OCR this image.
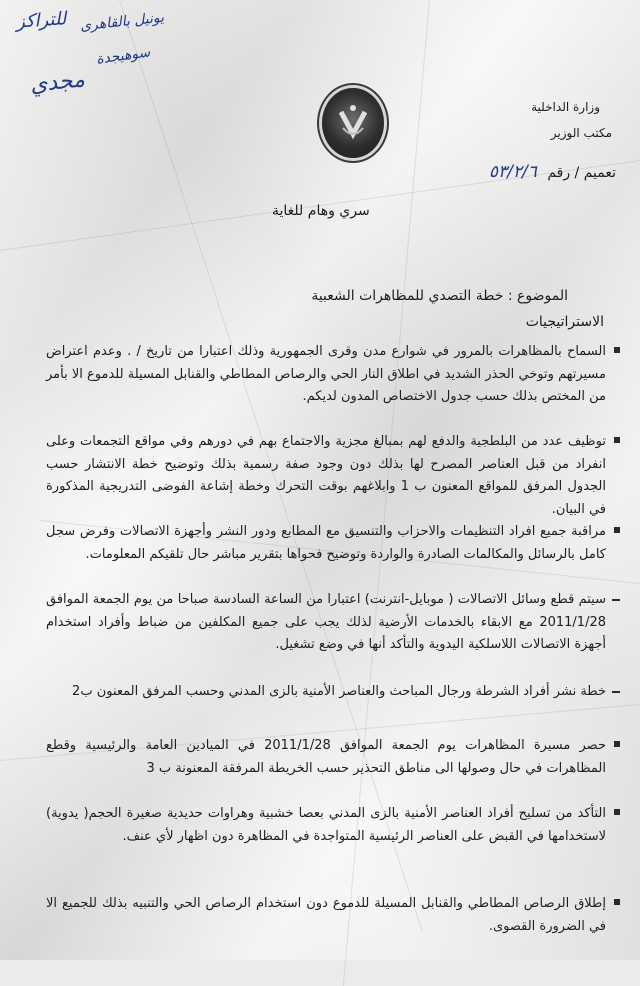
يونيل بالقاهرى
للتراكز
سوهيجدة
مجدي
وزارة الداخلية
مكتب الوزير
تعميم / رقم ٥٣/٢/٦
سري وهام للغاية
الموضوع : خطة التصدي للمظاهرات الشعبية
الاستراتيجيات
السماح بالمظاهرات بالمرور في شوارع مدن وقرى الجمهورية وذلك اعتبارا من تاريخ / . وعدم اعتراض مسيرتهم وتوخي الحذر الشديد في اطلاق النار الحي والرصاص المطاطي والقنابل المسيلة للدموع الا بأمر من المختص بذلك حسب جدول الاختصاص المدون لديكم.
توظيف عدد من البلطجية والدفع لهم بمبالغ مجزية والاجتماع بهم في دورهم وفي مواقع التجمعات وعلى انفراد من قبل العناصر المصرح لها بذلك دون وجود صفة رسمية بذلك وتوضيح خطة الانتشار حسب الجدول المرفق للمواقع المعنون ب 1 وابلاغهم بوقت التحرك وخطة إشاعة الفوضى التدريجية المذكورة في البيان.
مراقبة جميع افراد التنظيمات والاحزاب والتنسيق مع المطابع ودور النشر وأجهزة الاتصالات وفرض سجل كامل بالرسائل والمكالمات الصادرة والواردة وتوضيح فحواها بتقرير مباشر حال تلقيكم المعلومات.
سيتم قطع وسائل الاتصالات ( موبايل-انترنت) اعتبارا من الساعة السادسة صباحا من يوم الجمعة الموافق 2011/1/28 مع الابقاء بالخدمات الأرضية لذلك يجب على جميع المكلفين من ضباط وأفراد استخدام أجهزة الاتصالات اللاسلكية اليدوية والتأكد أنها في وضع تشغيل.
خطة نشر أفراد الشرطة ورجال المباحث والعناصر الأمنية بالزى المدني وحسب المرفق المعنون ب2
حصر مسيرة المظاهرات يوم الجمعة الموافق 2011/1/28 في الميادين العامة والرئيسية وقطع المظاهرات في حال وصولها الى مناطق التحذير حسب الخريطة المرفقة المعنونة ب 3
التأكد من تسليح أفراد العناصر الأمنية بالزى المدني بعصا خشبية وهراوات حديدية صغيرة الحجم( يدوية) لاستخدامها في القبض على العناصر الرئيسية المتواجدة في المظاهرة دون اظهار لأي عنف.
إطلاق الرصاص المطاطي والقنابل المسيلة للدموع دون استخدام الرصاص الحي والتنبيه بذلك للجميع الا في الضرورة القصوى.
